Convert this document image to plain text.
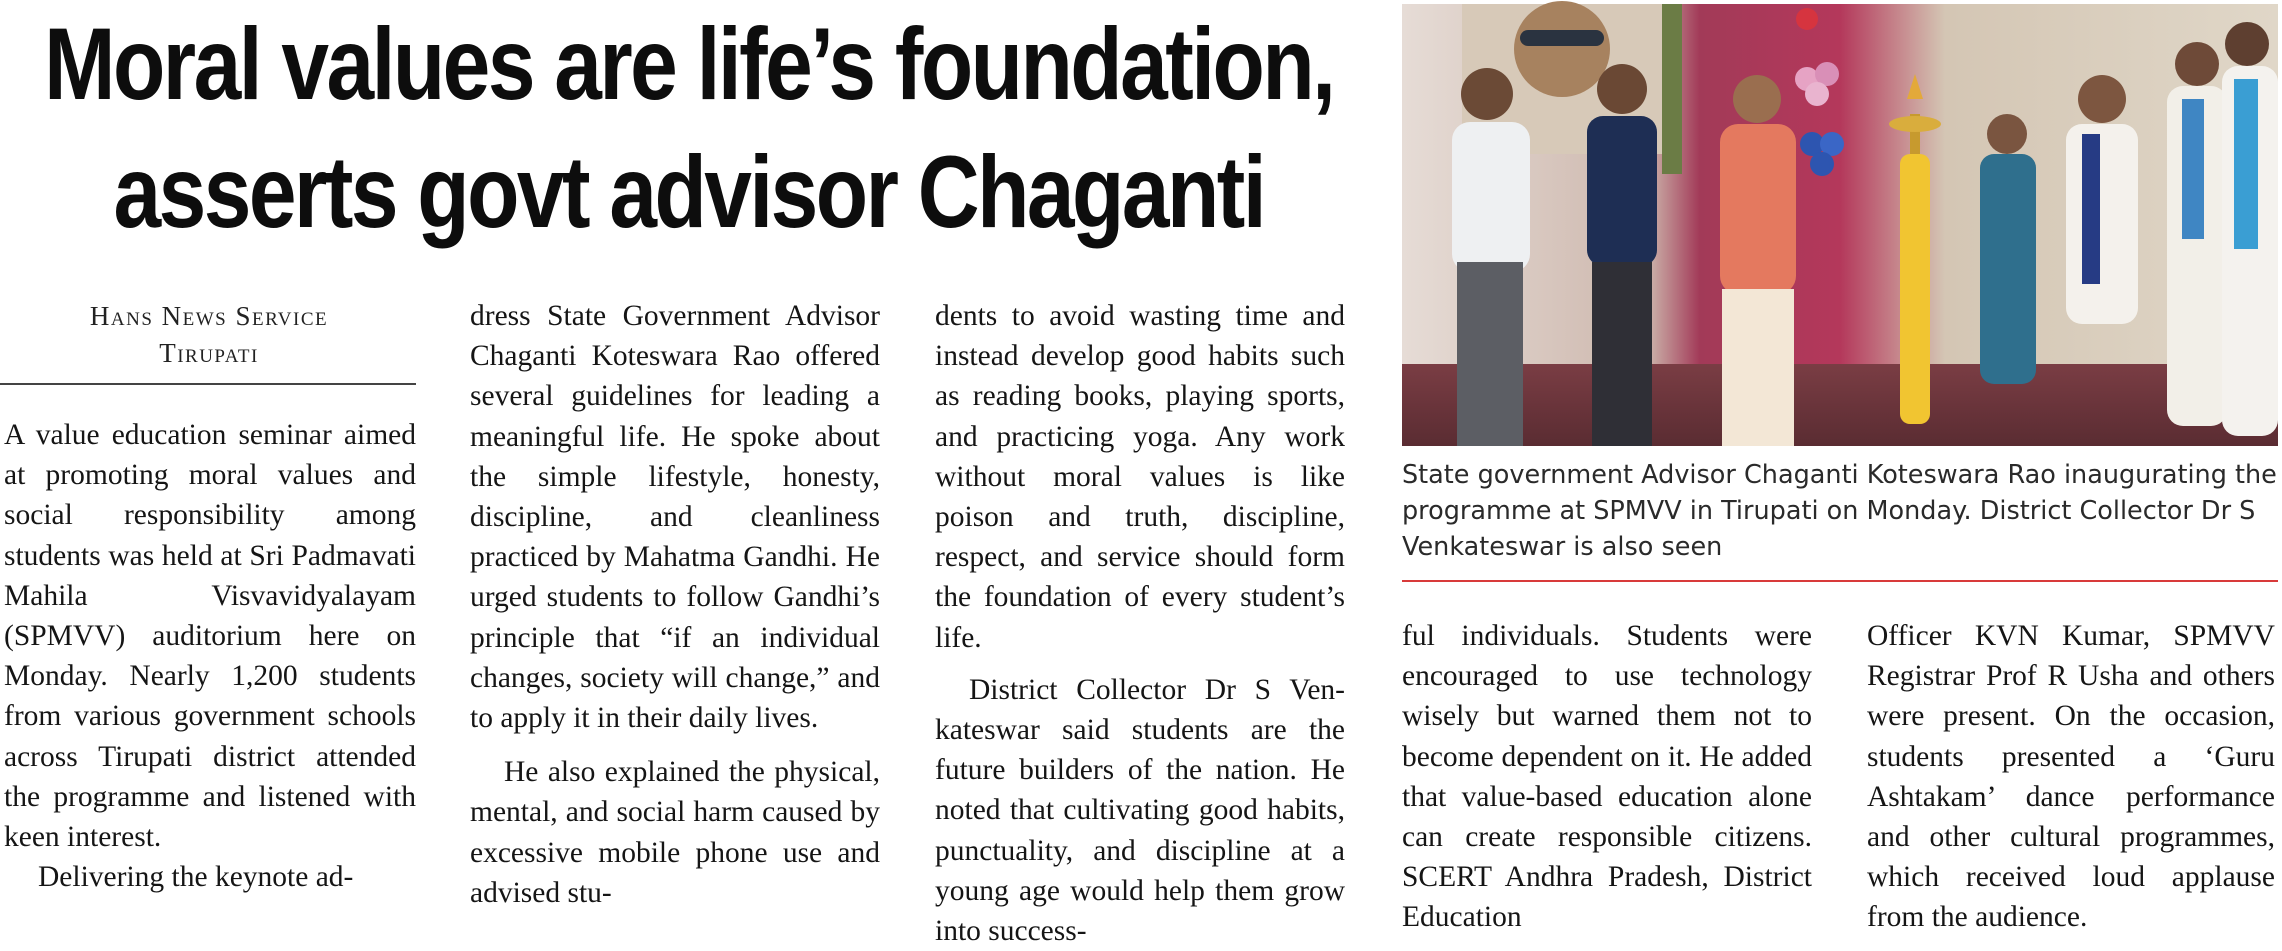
Moral values are life’s foundation,
asserts govt advisor Chaganti
Hans News Service
Tirupati

A value education seminar aimed at promoting moral values and social responsibility among students was held at Sri Padmavati Mahila Visvavidyalayam (SPMVV) auditorium here on Monday. Nearly 1,200 students from various government schools across Tirupati district attended the programme and listened with keen interest.

Delivering the keynote ad-

dress State Government Advisor Chaganti Koteswara Rao offered several guidelines for leading a meaningful life. He spoke about the simple lifestyle, honesty, discipline, and cleanliness practiced by Mahatma Gandhi. He urged students to follow Gandhi’s principle that “if an individual changes, society will change,” and to apply it in their daily lives.

He also explained the physical, mental, and social harm caused by excessive mobile phone use and advised stu-

dents to avoid wasting time and instead develop good habits such as reading books, playing sports, and practicing yoga. Any work without moral values is like poison and truth, discipline, respect, and service should form the foundation of every student’s life.

District Collector Dr S Venkateswar said students are the future builders of the nation. He noted that cultivating good habits, punctuality, and discipline at a young age would help them grow into success-

State government Advisor Chaganti Koteswara Rao inaugurating the programme at SPMVV in Tirupati on Monday. District Collector Dr S Venkateswar is also seen

ful individuals. Students were encouraged to use technology wisely but warned them not to become dependent on it. He added that value-based education alone can create responsible citizens. SCERT Andhra Pradesh, District Education

Officer KVN Kumar, SPMVV Registrar Prof R Usha and others were present. On the occasion, students presented a ‘Guru Ashtakam’ dance performance and other cultural programmes, which received loud applause from the audience.
